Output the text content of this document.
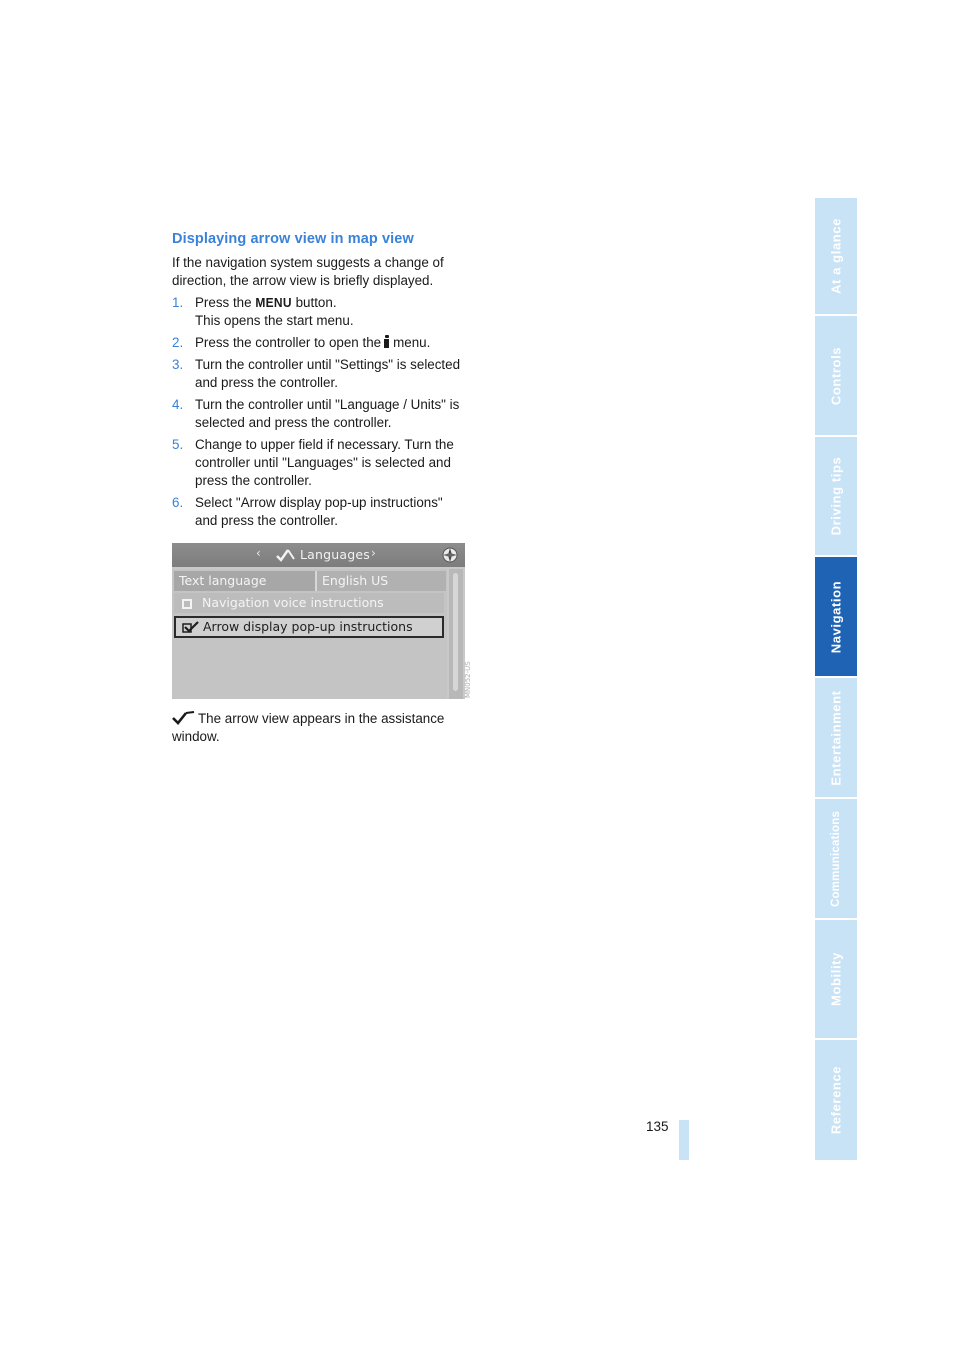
Displaying arrow view in map view

If the navigation system suggests a change of direction, the arrow view is briefly displayed.

1. Press the MENU button.
This opens the start menu.
2. Press the controller to open the menu.
3. Turn the controller until "Settings" is selected and press the controller.
4. Turn the controller until "Language / Units" is selected and press the controller.
5. Change to upper field if necessary. Turn the controller until "Languages" is selected and press the controller.
6. Select "Arrow display pop-up instructions" and press the controller.
‹	Languages ›
Text language	English US
Navigation voice instructions
Arrow display pop-up instructions
MN052-US

The arrow view appears in the assistance window.

135
At a glance
Controls
Driving tips
Navigation
Entertainment
Communications
Mobility
Reference
